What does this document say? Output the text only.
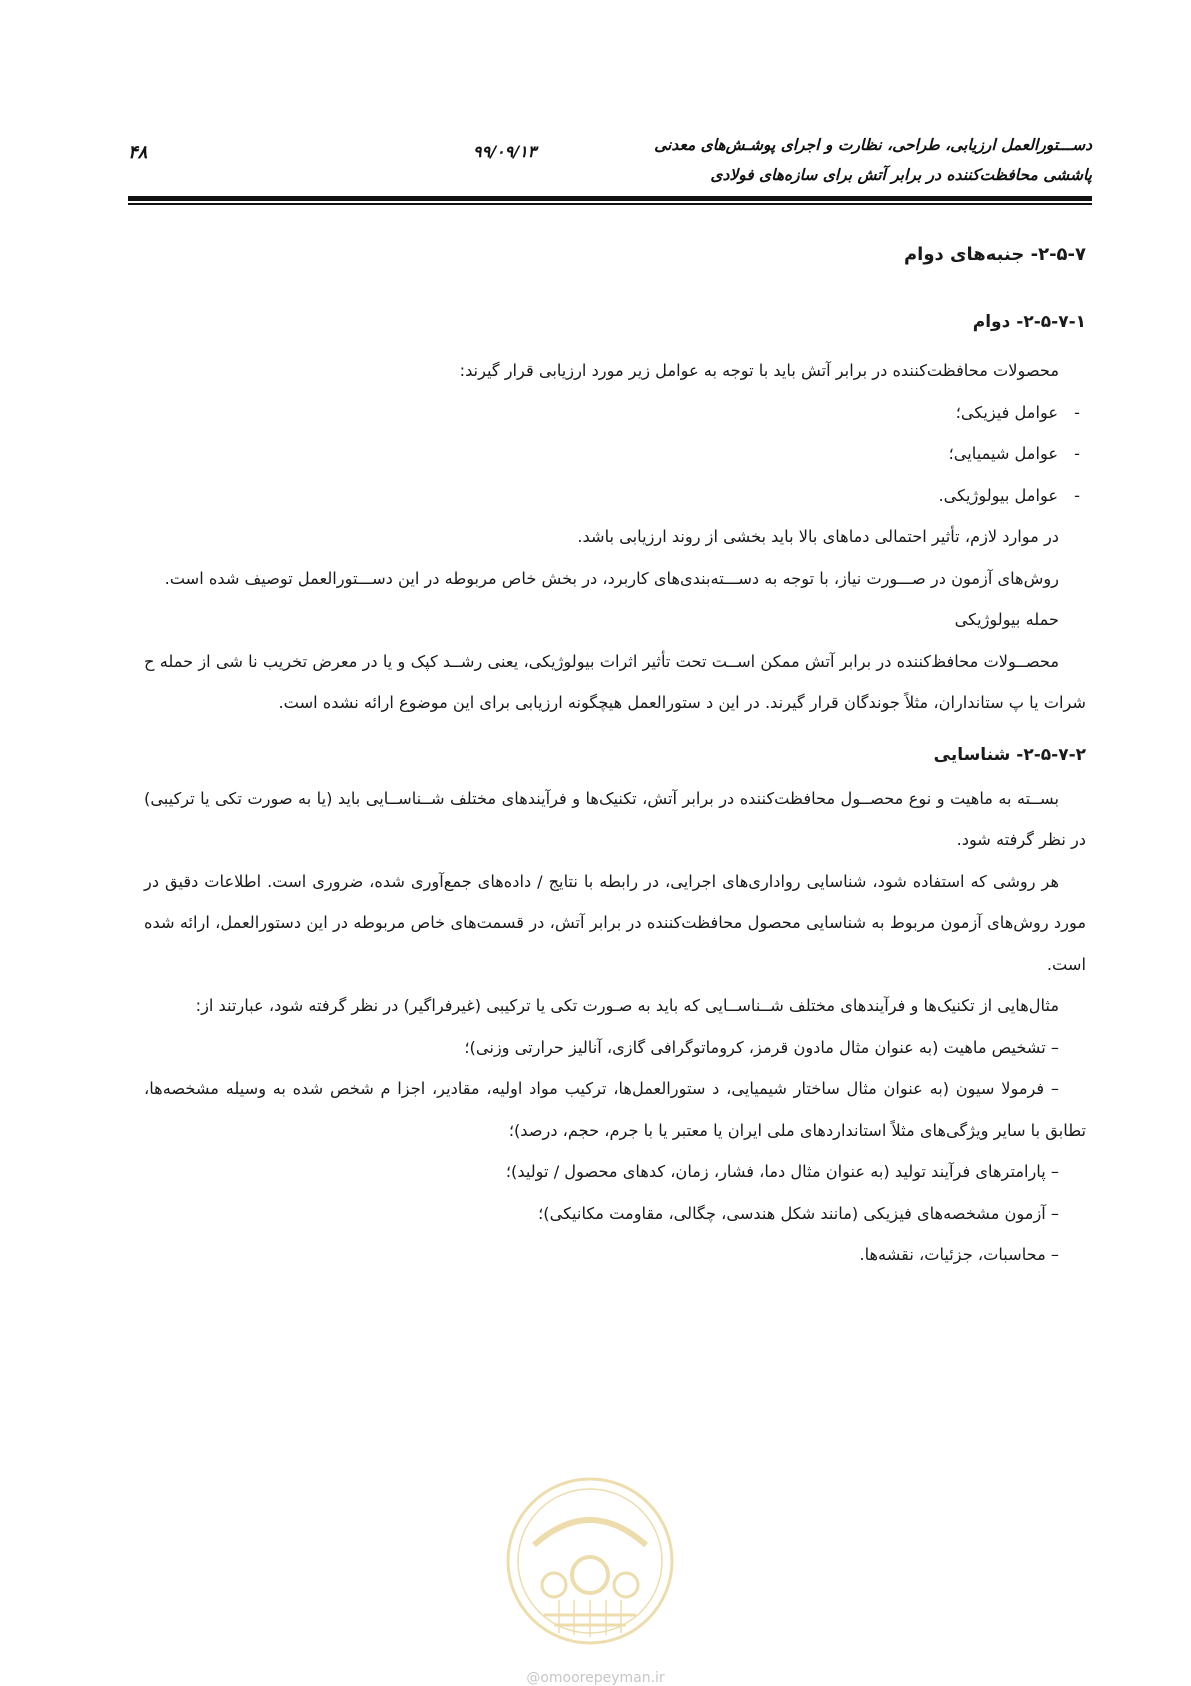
دســـتورالعمل ارزیابی، طراحی، نظارت و اجرای پوشـش‌های معدنی
پاششی محافظت‌کننده در برابر آتش برای سازه‌های فولادی
۹۹/۰۹/۱۳
۴۸
۲-۵-۷- جنبه‌های دوام
۲-۵-۷-۱- دوام
محصولات محافظت‌کننده در برابر آتش باید با توجه به عوامل زیر مورد ارزیابی قرار گیرند:
-عوامل فیزیکی؛
-عوامل شیمیایی؛
-عوامل بیولوژیکی.
در موارد لازم، تأثیر احتمالی دماهای بالا باید بخشی از روند ارزیابی باشد.
روش‌های آزمون در صـــورت نیاز، با توجه به دســـته‌بندی‌های کاربرد، در بخش خاص مربوطه در این دســـتورالعمل توصیف شده است.
حمله بیولوژیکی
محصــولات محافظ‌کننده در برابر آتش ممکن اســت تحت تأثیر اثرات بیولوژیکی، یعنی رشــد کپک و یا در معرض تخریب نا شی از حمله ح شرات یا پ ستانداران، مثلاً جوندگان قرار گیرند. در این د ستورالعمل هیچگونه ارزیابی برای این موضوع ارائه نشده است.
۲-۵-۷-۲- شناسایی
بســته به ماهیت و نوع محصــول محافظت‌کننده در برابر آتش، تکنیک‌ها و فرآیندهای مختلف شــناســایی باید (یا به صورت تکی یا ترکیبی) در نظر گرفته شود.
هر روشی که استفاده شود، شناسایی رواداری‌های اجرایی، در رابطه با نتایج / داده‌های جمع‌آوری شده، ضروری است. اطلاعات دقیق در مورد روش‌های آزمون مربوط به شناسایی محصول محافظت‌کننده در برابر آتش، در قسمت‌های خاص مربوطه در این دستورالعمل، ارائه شده است.
مثال‌هایی از تکنیک‌ها و فرآیندهای مختلف شــناســایی که باید به صـورت تکی یا ترکیبی (غیرفراگیر) در نظر گرفته شود، عبارتند از:
– تشخیص ماهیت (به عنوان مثال مادون قرمز، کروماتوگرافی گازی، آنالیز حرارتی وزنی)؛
– فرمولا سیون (به عنوان مثال ساختار شیمیایی، د ستورالعمل‌ها، ترکیب مواد اولیه، مقادیر، اجزا م شخص شده به وسیله مشخصه‌ها، تطابق با سایر ویژگی‌های مثلاً استانداردهای ملی ایران یا معتبر یا با جرم، حجم، درصد)؛
– پارامترهای فرآیند تولید (به عنوان مثال دما، فشار، زمان، کدهای محصول / تولید)؛
– آزمون مشخصه‌های فیزیکی (مانند شکل هندسی، چگالی، مقاومت مکانیکی)؛
– محاسبات، جزئیات، نقشه‌ها.
@omoorepeyman.ir
